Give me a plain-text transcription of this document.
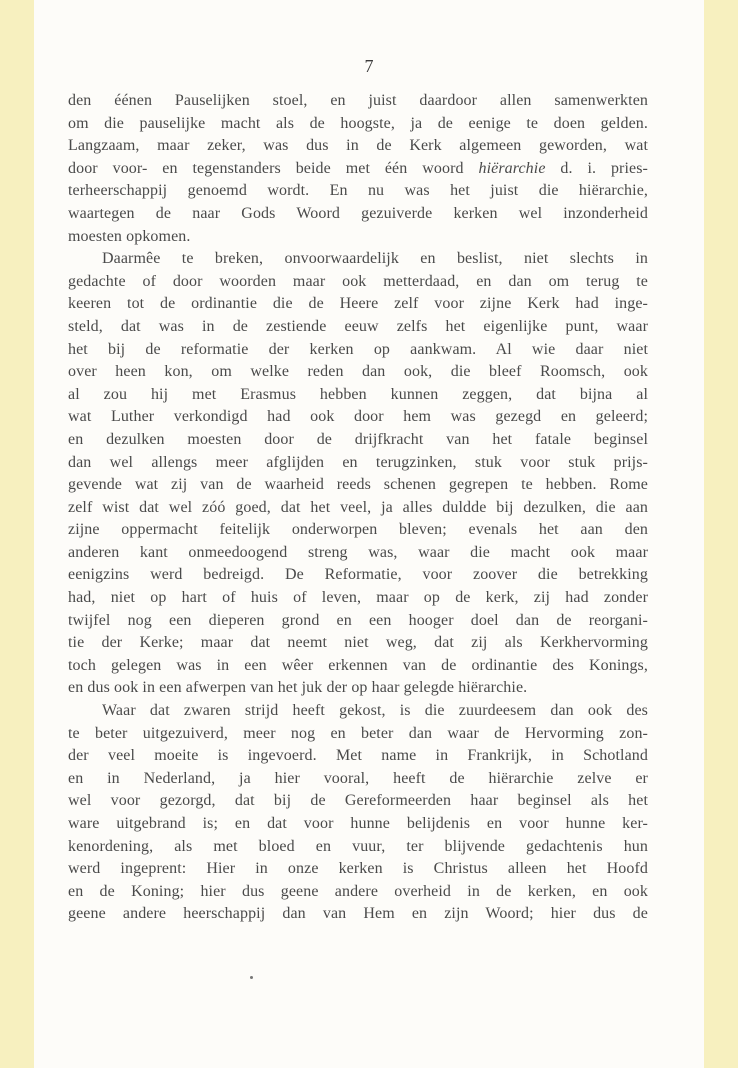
7
den éénen Pauselijken stoel, en juist daardoor allen samenwerkten
om die pauselijke macht als de hoogste, ja de eenige te doen gelden.
Langzaam, maar zeker, was dus in de Kerk algemeen geworden, wat
door voor- en tegenstanders beide met één woord hiërarchie d. i. pries-
terheerschappij genoemd wordt. En nu was het juist die hiërarchie,
waartegen de naar Gods Woord gezuiverde kerken wel inzonderheid
moesten opkomen.
Daarmêe te breken, onvoorwaardelijk en beslist, niet slechts in
gedachte of door woorden maar ook metterdaad, en dan om terug te
keeren tot de ordinantie die de Heere zelf voor zijne Kerk had inge-
steld, dat was in de zestiende eeuw zelfs het eigenlijke punt, waar
het bij de reformatie der kerken op aankwam. Al wie daar niet
over heen kon, om welke reden dan ook, die bleef Roomsch, ook
al zou hij met Erasmus hebben kunnen zeggen, dat bijna al
wat Luther verkondigd had ook door hem was gezegd en geleerd;
en dezulken moesten door de drijfkracht van het fatale beginsel
dan wel allengs meer afglijden en terugzinken, stuk voor stuk prijs-
gevende wat zij van de waarheid reeds schenen gegrepen te hebben. Rome
zelf wist dat wel zóó goed, dat het veel, ja alles duldde bij dezulken, die aan
zijne oppermacht feitelijk onderworpen bleven; evenals het aan den
anderen kant onmeedoogend streng was, waar die macht ook maar
eenigzins werd bedreigd. De Reformatie, voor zoover die betrekking
had, niet op hart of huis of leven, maar op de kerk, zij had zonder
twijfel nog een dieperen grond en een hooger doel dan de reorgani-
tie der Kerke; maar dat neemt niet weg, dat zij als Kerkhervorming
toch gelegen was in een wêer erkennen van de ordinantie des Konings,
en dus ook in een afwerpen van het juk der op haar gelegde hiërarchie.
Waar dat zwaren strijd heeft gekost, is die zuurdeesem dan ook des
te beter uitgezuiverd, meer nog en beter dan waar de Hervorming zon-
der veel moeite is ingevoerd. Met name in Frankrijk, in Schotland
en in Nederland, ja hier vooral, heeft de hiërarchie zelve er
wel voor gezorgd, dat bij de Gereformeerden haar beginsel als het
ware uitgebrand is; en dat voor hunne belijdenis en voor hunne ker-
kenordening, als met bloed en vuur, ter blijvende gedachtenis hun
werd ingeprent: Hier in onze kerken is Christus alleen het Hoofd
en de Koning; hier dus geene andere overheid in de kerken, en ook
geene andere heerschappij dan van Hem en zijn Woord; hier dus de
